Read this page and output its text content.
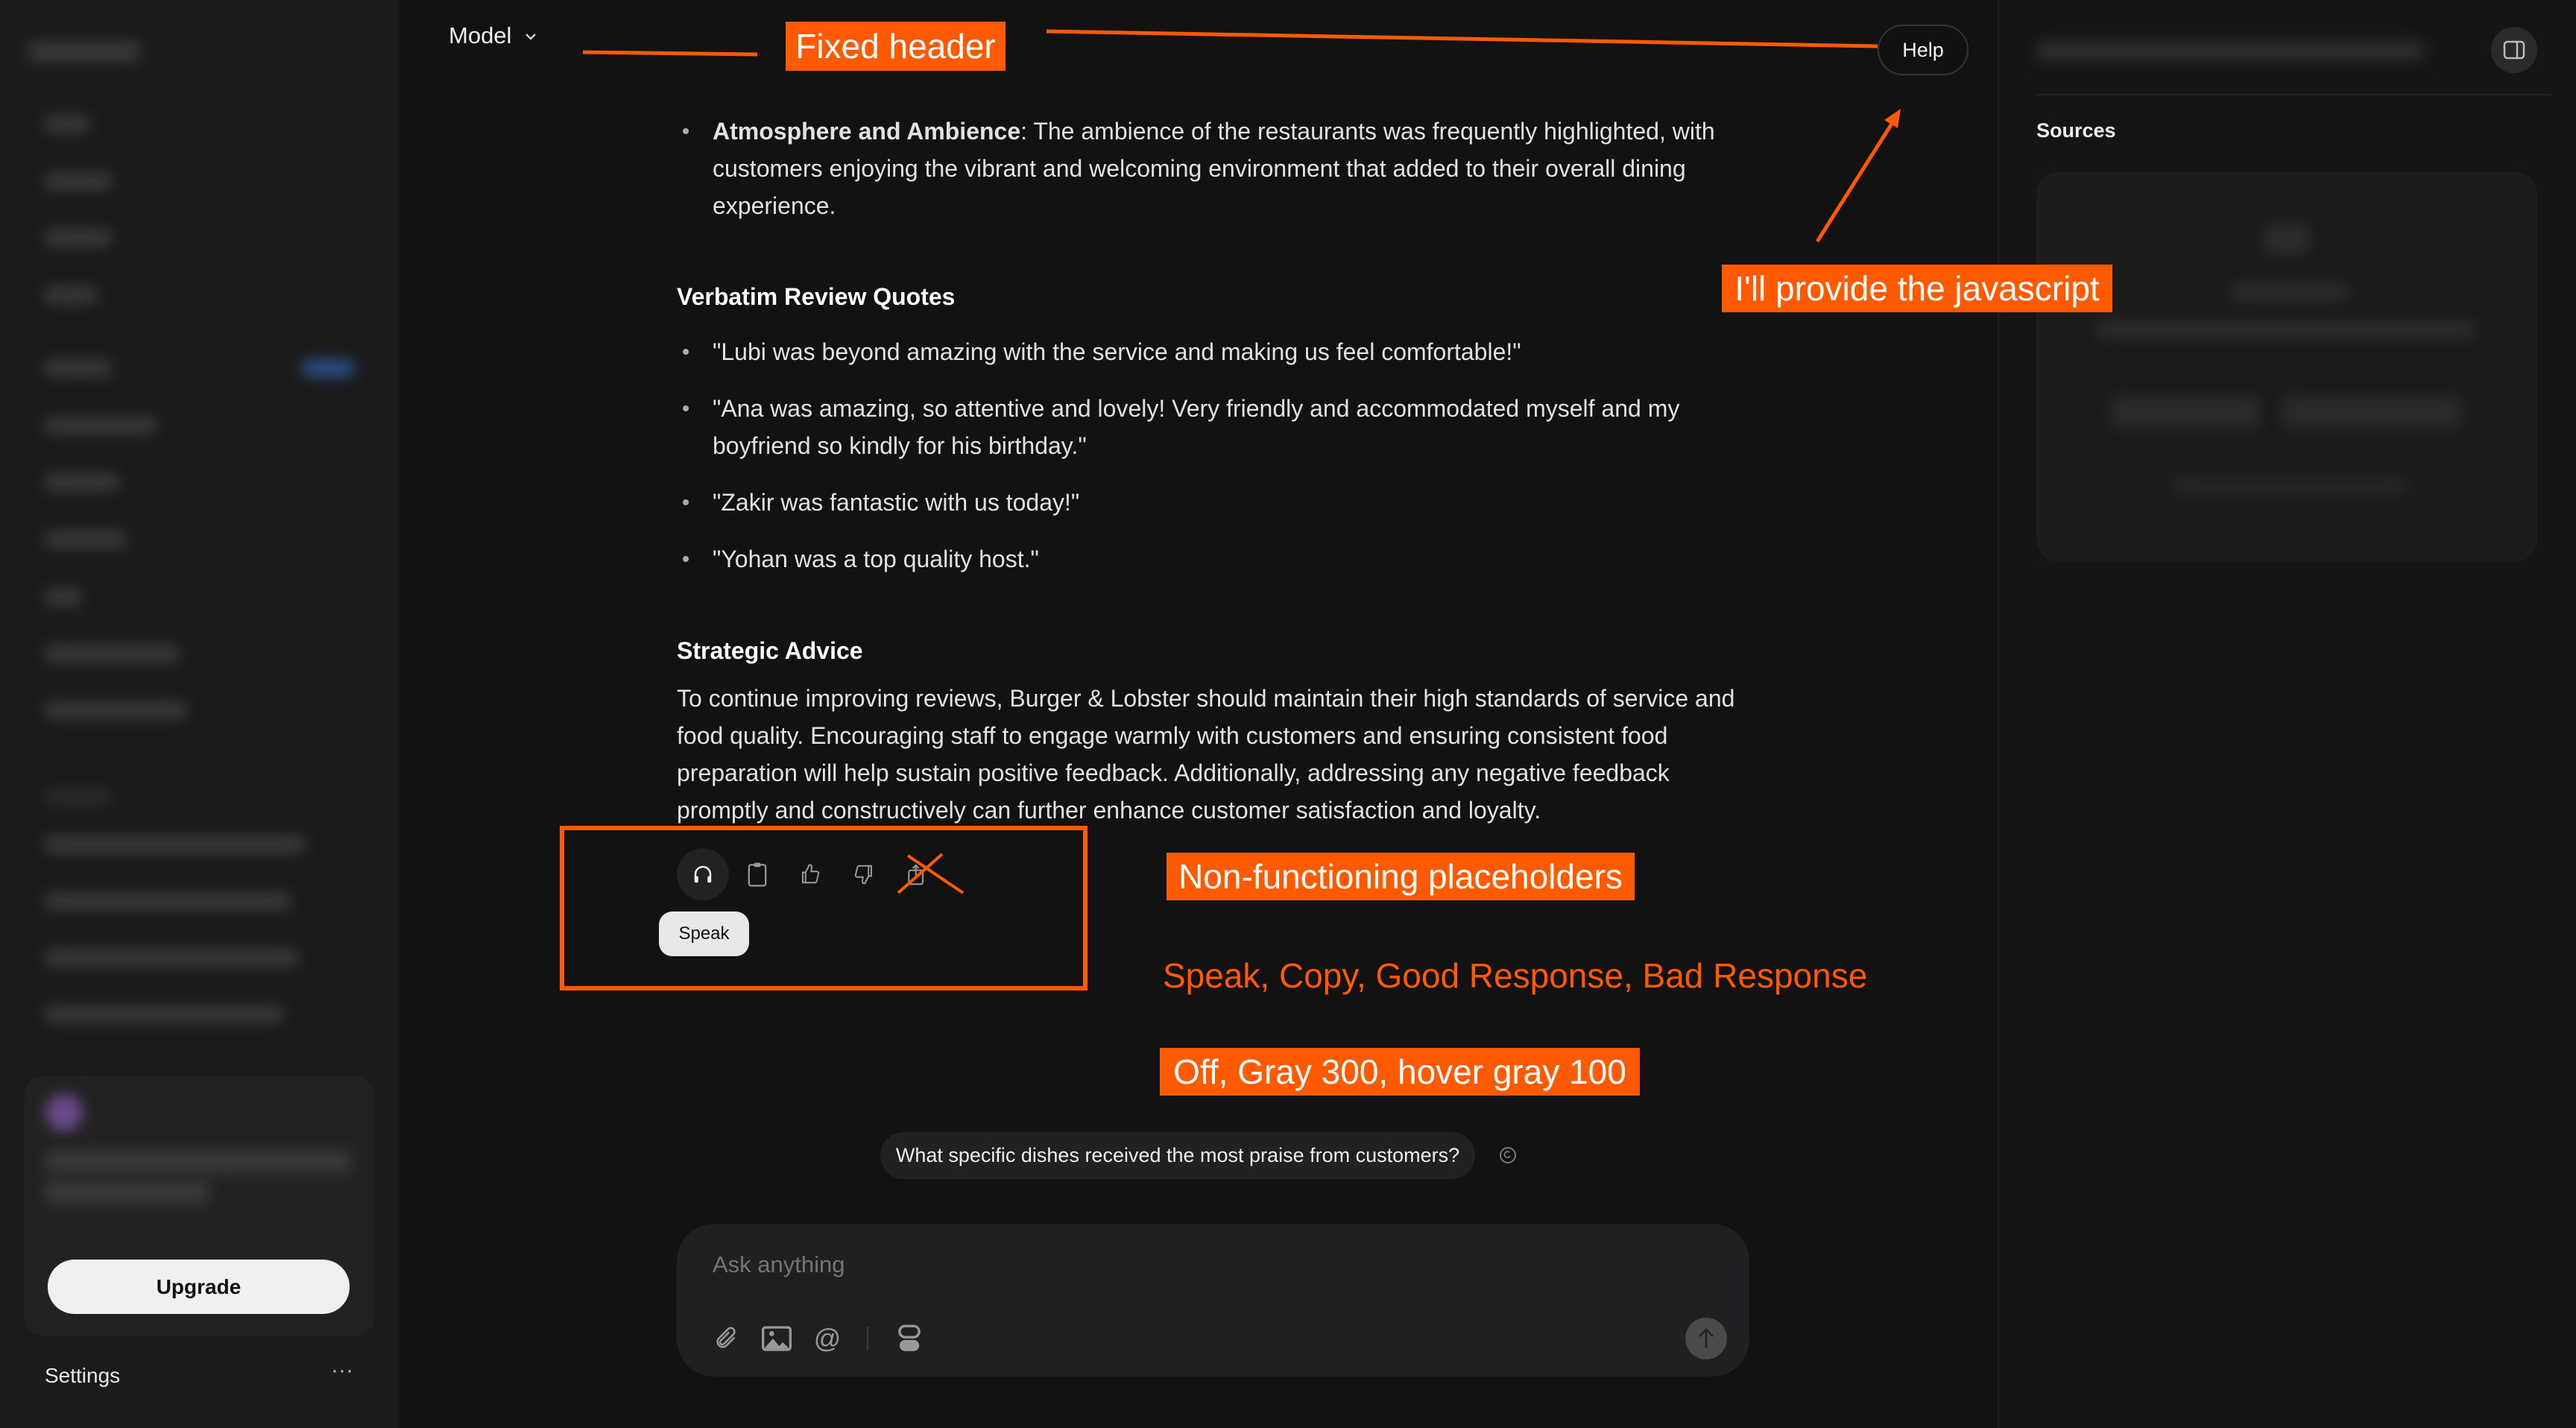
Upgrade
Settings	···
Sources
Model
Help
Atmosphere and Ambience: The ambience of the restaurants was frequently highlighted, with customers enjoying the vibrant and welcoming environment that added to their overall dining experience.
Verbatim Review Quotes
"Lubi was beyond amazing with the service and making us feel comfortable!"
"Ana was amazing, so attentive and lovely! Very friendly and accommodated myself and my boyfriend so kindly for his birthday."
"Zakir was fantastic with us today!"
"Yohan was a top quality host."
Strategic Advice
To continue improving reviews, Burger & Lobster should maintain their high standards of service and food quality. Encouraging staff to engage warmly with customers and ensuring consistent food preparation will help sustain positive feedback. Additionally, addressing any negative feedback promptly and constructively can further enhance customer satisfaction and loyalty.
Speak
What specific dishes received the most praise from customers?
Ask anything
@
Fixed header
I'll provide the javascript
Non-functioning placeholders
Speak, Copy, Good Response, Bad Response
Off, Gray 300, hover gray 100
